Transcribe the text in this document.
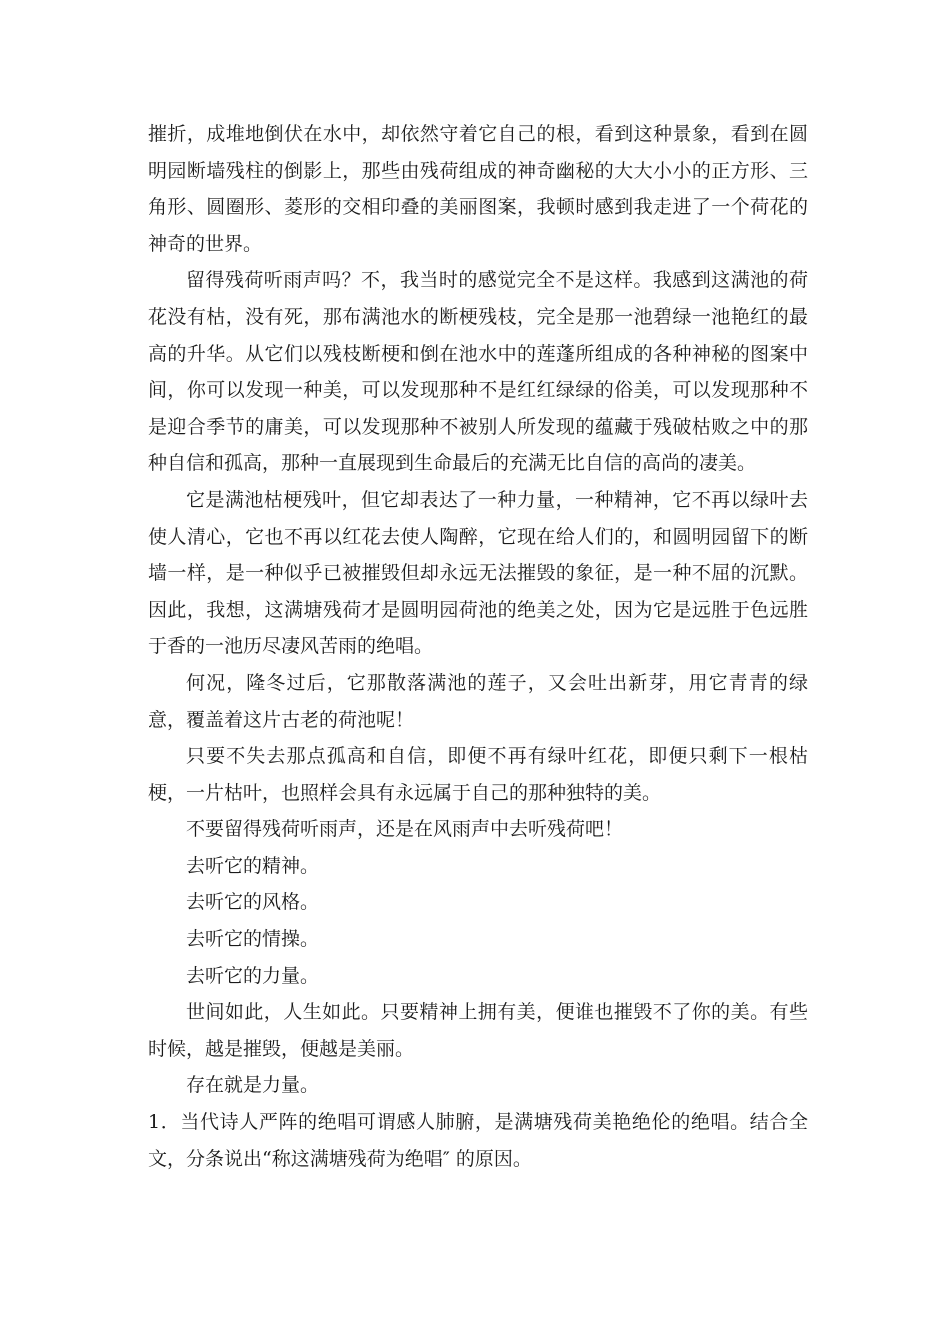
摧折，成堆地倒伏在水中，却依然守着它自己的根，看到这种景象，看到在圆明园断墙残柱的倒影上，那些由残荷组成的神奇幽秘的大大小小的正方形、三角形、圆圈形、菱形的交相印叠的美丽图案，我顿时感到我走进了一个荷花的神奇的世界。

留得残荷听雨声吗？不，我当时的感觉完全不是这样。我感到这满池的荷花没有枯，没有死，那布满池水的断梗残枝，完全是那一池碧绿一池艳红的最高的升华。从它们以残枝断梗和倒在池水中的莲蓬所组成的各种神秘的图案中间，你可以发现一种美，可以发现那种不是红红绿绿的俗美，可以发现那种不是迎合季节的庸美，可以发现那种不被别人所发现的蕴藏于残破枯败之中的那种自信和孤高，那种一直展现到生命最后的充满无比自信的高尚的凄美。

它是满池枯梗残叶，但它却表达了一种力量，一种精神，它不再以绿叶去使人清心，它也不再以红花去使人陶醉，它现在给人们的，和圆明园留下的断墙一样，是一种似乎已被摧毁但却永远无法摧毁的象征，是一种不屈的沉默。因此，我想，这满塘残荷才是圆明园荷池的绝美之处，因为它是远胜于色远胜于香的一池历尽凄风苦雨的绝唱。

何况，隆冬过后，它那散落满池的莲子，又会吐出新芽，用它青青的绿意，覆盖着这片古老的荷池呢！

只要不失去那点孤高和自信，即便不再有绿叶红花，即便只剩下一根枯梗，一片枯叶，也照样会具有永远属于自己的那种独特的美。

不要留得残荷听雨声，还是在风雨声中去听残荷吧！

去听它的精神。

去听它的风格。

去听它的情操。

去听它的力量。

世间如此，人生如此。只要精神上拥有美，便谁也摧毁不了你的美。有些时候，越是摧毁，便越是美丽。

存在就是力量。

1．当代诗人严阵的绝唱可谓感人肺腑，是满塘残荷美艳绝伦的绝唱。结合全文，分条说出“称这满塘残荷为绝唱″ 的原因。
